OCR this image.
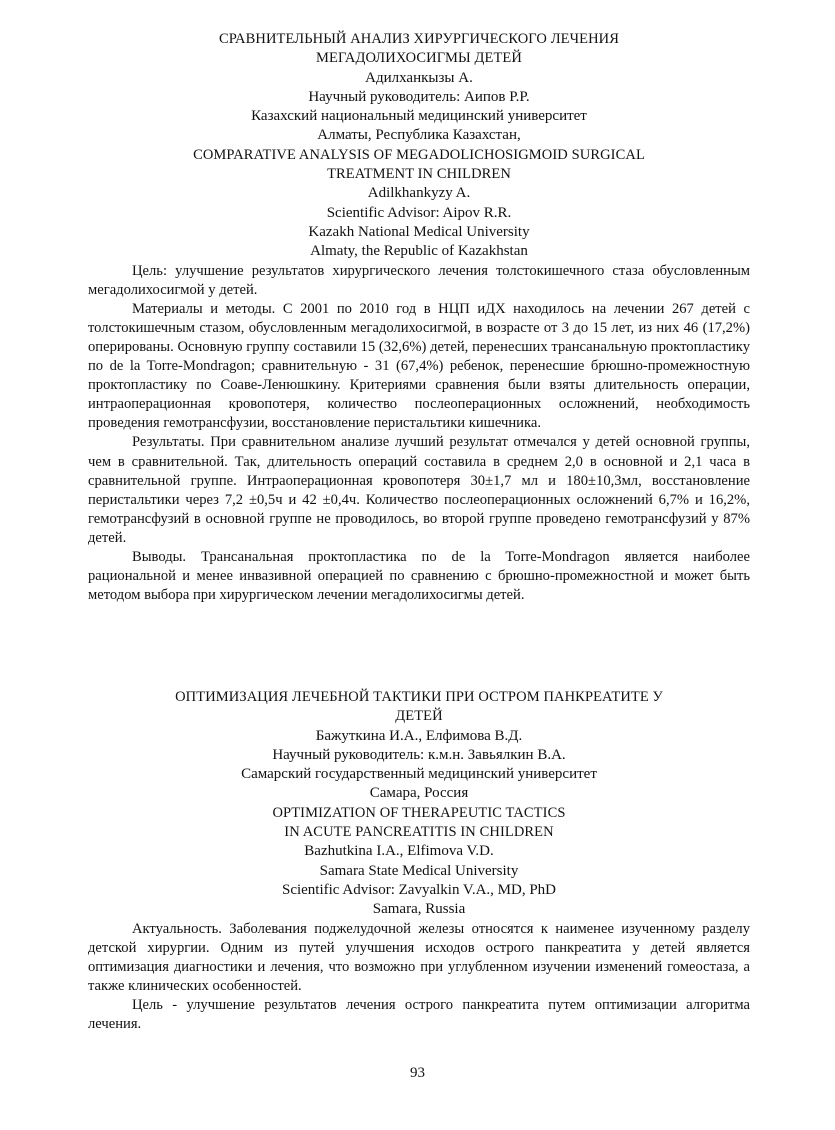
СРАВНИТЕЛЬНЫЙ АНАЛИЗ ХИРУРГИЧЕСКОГО ЛЕЧЕНИЯ

МЕГАДОЛИХОСИГМЫ ДЕТЕЙ

Адилханкызы А.

Научный руководитель: Аипов Р.Р.

Казахский национальный медицинский университет

Алматы, Республика Казахстан,

COMPARATIVE ANALYSIS OF MEGADOLICHOSIGMOID SURGICAL

TREATMENT IN CHILDREN

Adilkhankyzy A.

Scientific Advisor: Aipov R.R.

Kazakh National Medical University

Almaty, the Republic of Kazakhstan

Цель: улучшение результатов хирургического лечения толстокишечного стаза обусловленным мегадолихосигмой у детей.

Материалы и методы. С 2001 по 2010 год в НЦП иДХ находилось на лечении 267 детей с толстокишечным стазом, обусловленным мегадолихосигмой, в возрасте от 3 до 15 лет, из них 46 (17,2%) оперированы. Основную группу составили 15 (32,6%) детей, перенесших трансанальную проктопластику по de la Torre-Mondragon; сравнительную - 31 (67,4%) ребенок, перенесшие брюшно-промежностную проктопластику по Соаве-Ленюшкину. Критериями сравнения были взяты длительность операции, интраоперационная кровопотеря, количество послеоперационных осложнений, необходимость проведения гемотрансфузии, восстановление перистальтики кишечника.

Результаты. При сравнительном анализе лучший результат отмечался у детей основной группы, чем в сравнительной. Так, длительность операций составила в среднем 2,0 в основной и 2,1 часа в сравнительной группе. Интраоперационная кровопотеря 30±1,7 мл и 180±10,3мл, восстановление перистальтики через 7,2 ±0,5ч и 42 ±0,4ч. Количество послеоперационных осложнений 6,7% и 16,2%, гемотрансфузий в основной группе не проводилось, во второй группе проведено гемотрансфузий у 87% детей.

Выводы. Трансанальная проктопластика по de la Torre-Mondragon является наиболее рациональной и менее инвазивной операцией по сравнению с брюшно-промежностной и может быть методом выбора при хирургическом лечении мегадолихосигмы детей.

ОПТИМИЗАЦИЯ ЛЕЧЕБНОЙ ТАКТИКИ ПРИ ОСТРОМ ПАНКРЕАТИТЕ У

ДЕТЕЙ

Бажуткина И.А., Елфимова В.Д.

Научный руководитель: к.м.н. Завьялкин В.А.

Самарский государственный медицинский университет

Самара, Россия

OPTIMIZATION OF THERAPEUTIC TACTICS

IN ACUTE PANCREATITIS IN CHILDREN

Bazhutkina I.A., Elfimova V.D.

Samara State Medical University

Scientific Advisor: Zavyalkin V.A., MD, PhD

Samara, Russia

Актуальность. Заболевания поджелудочной железы относятся к наименее изученному разделу детской хирургии. Одним из путей улучшения исходов острого панкреатита у детей является оптимизация диагностики и лечения, что возможно при углубленном изучении изменений гомеостаза, а также клинических особенностей.

Цель - улучшение результатов лечения острого панкреатита путем оптимизации алгоритма лечения.

93
